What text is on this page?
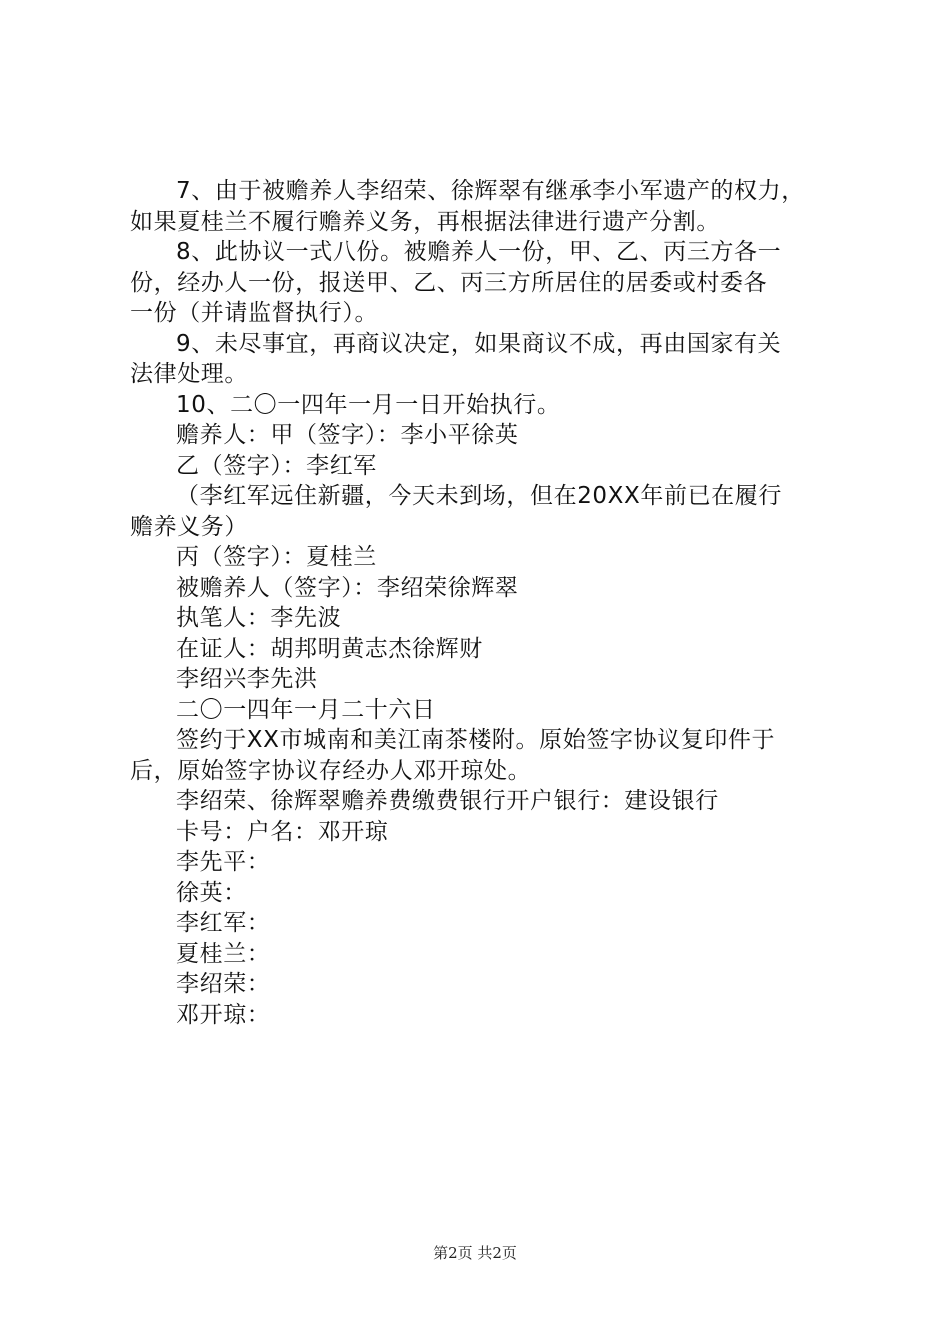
7、由于被赡养人李绍荣、徐辉翠有继承李小军遗产的权力，
如果夏桂兰不履行赡养义务，再根据法律进行遗产分割。
8、此协议一式八份。被赡养人一份，甲、乙、丙三方各一
份，经办人一份，报送甲、乙、丙三方所居住的居委或村委各
一份（并请监督执行）。
9、未尽事宜，再商议决定，如果商议不成，再由国家有关
法律处理。
10、二〇一四年一月一日开始执行。
赡养人：甲（签字）：李小平徐英
乙（签字）：李红军
（李红军远住新疆，今天未到场，但在20XX年前已在履行
赡养义务）
丙（签字）：夏桂兰
被赡养人（签字）：李绍荣徐辉翠
执笔人：李先波
在证人：胡邦明黄志杰徐辉财
李绍兴李先洪
二〇一四年一月二十六日
签约于XX市城南和美江南茶楼附。原始签字协议复印件于
后，原始签字协议存经办人邓开琼处。
李绍荣、徐辉翠赡养费缴费银行开户银行：建设银行
卡号：户名：邓开琼
李先平：
徐英：
李红军：
夏桂兰：
李绍荣：
邓开琼：
第2页 共2页
